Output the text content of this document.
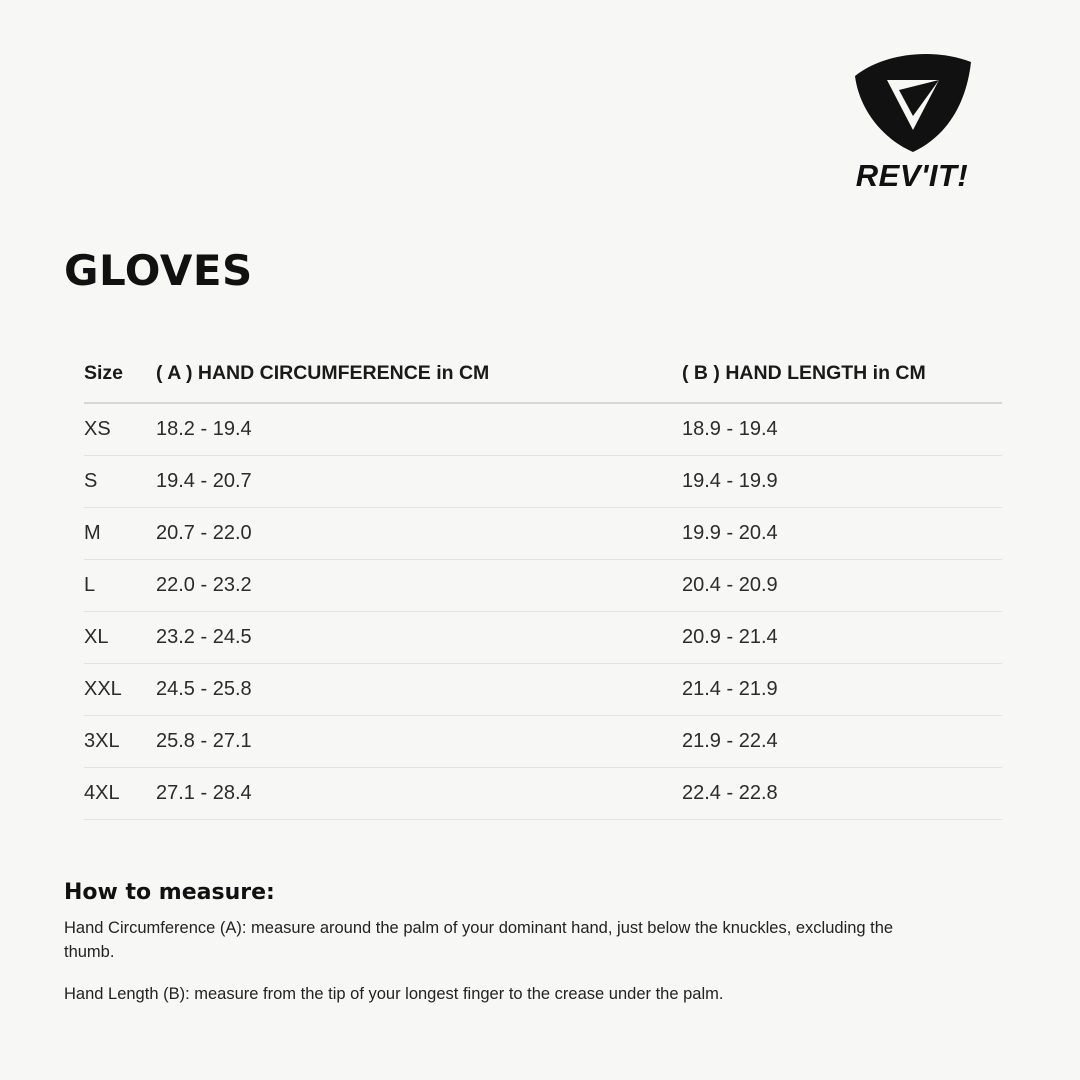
REV'IT!
GLOVES
Size	( A ) HAND CIRCUMFERENCE in CM	( B ) HAND LENGTH in CM
XS	18.2 - 19.4	18.9 - 19.4
S	19.4 - 20.7	19.4 - 19.9
M	20.7 - 22.0	19.9 - 20.4
L	22.0 - 23.2	20.4 - 20.9
XL	23.2 - 24.5	20.9 - 21.4
XXL	24.5 - 25.8	21.4 - 21.9
3XL	25.8 - 27.1	21.9 - 22.4
4XL	27.1 - 28.4	22.4 - 22.8
How to measure:

Hand Circumference (A): measure around the palm of your dominant hand, just below the knuckles, excluding the thumb.

Hand Length (B): measure from the tip of your longest finger to the crease under the palm.
